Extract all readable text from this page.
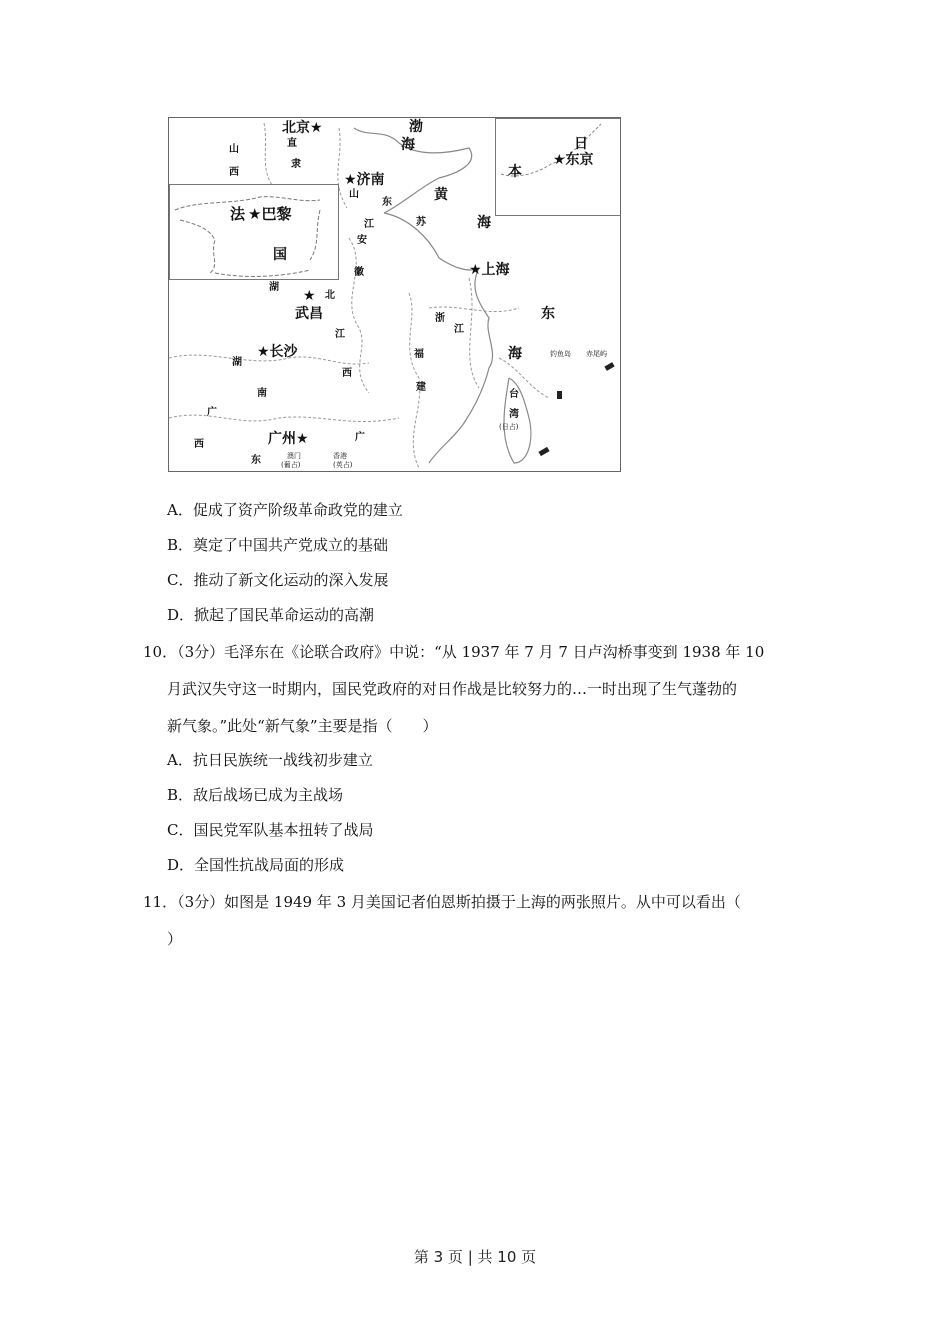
法 ★巴黎
国
日
本
★东京
北京★	渤
海
山
西
直
隶
★济南
山
东	黄
海
江	苏
安
徽	★上海
湖
★ 北
武昌
江
西
浙
江
东
海
★长沙
湖
南
福
建
钓鱼岛 赤尾屿
台
湾
(日占)
广
西	广州★	广
东	澳门
(葡占)
香港
(英占)
A．促成了资产阶级革命政党的建立
B．奠定了中国共产党成立的基础
C．推动了新文化运动的深入发展
D．掀起了国民革命运动的高潮
10．（3分）毛泽东在《论联合政府》中说：“从 1937 年 7 月 7 日卢沟桥事变到 1938 年 10
月武汉失守这一时期内，国民党政府的对日作战是比较努力的…一时出现了生气蓬勃的
新气象。”此处“新气象”主要是指（　　）
A．抗日民族统一战线初步建立
B．敌后战场已成为主战场
C．国民党军队基本扭转了战局
D．全国性抗战局面的形成
11．（3分）如图是 1949 年 3 月美国记者伯恩斯拍摄于上海的两张照片。从中可以看出（
）
第 3 页 | 共 10 页
